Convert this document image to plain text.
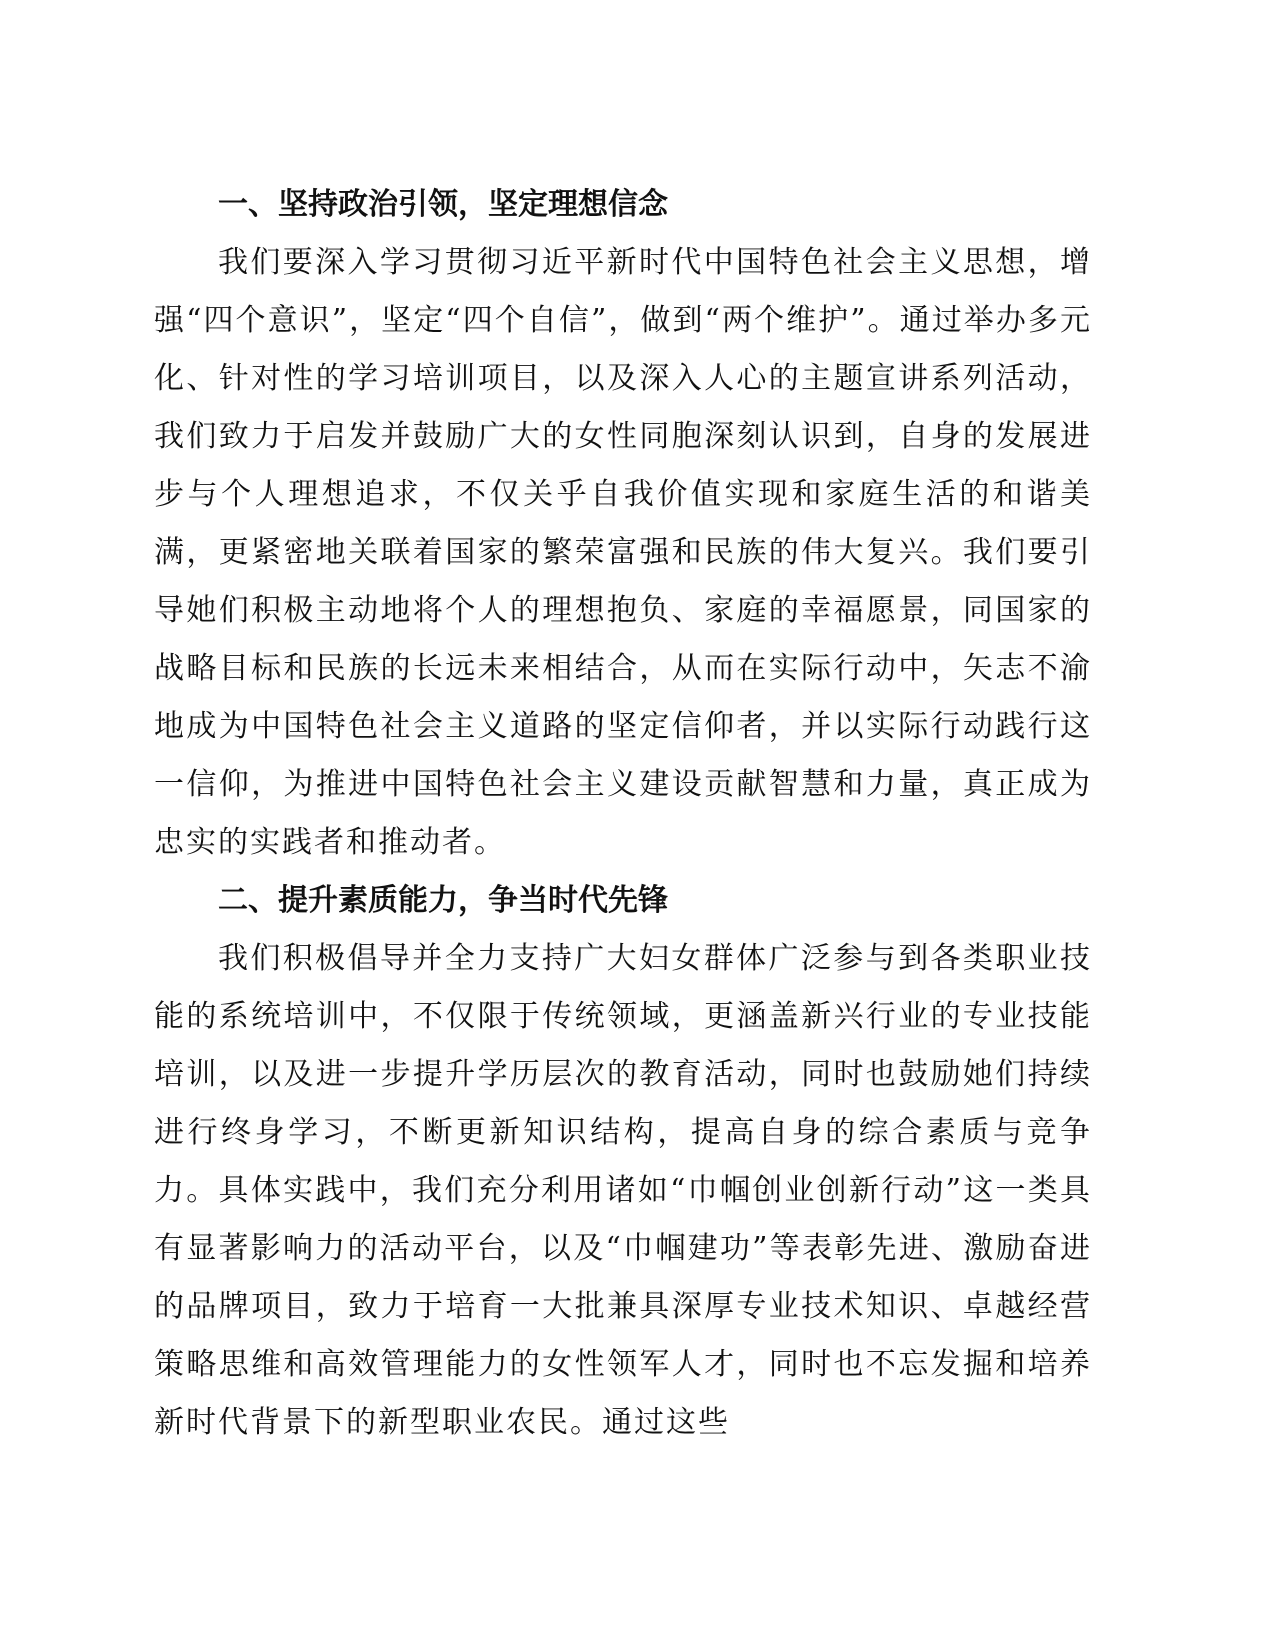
一、坚持政治引领，坚定理想信念

我们要深入学习贯彻习近平新时代中国特色社会主义思想，增强“四个意识”，坚定“四个自信”，做到“两个维护”。通过举办多元化、针对性的学习培训项目，以及深入人心的主题宣讲系列活动，我们致力于启发并鼓励广大的女性同胞深刻认识到，自身的发展进步与个人理想追求，不仅关乎自我价值实现和家庭生活的和谐美满，更紧密地关联着国家的繁荣富强和民族的伟大复兴。我们要引导她们积极主动地将个人的理想抱负、家庭的幸福愿景，同国家的战略目标和民族的长远未来相结合，从而在实际行动中，矢志不渝地成为中国特色社会主义道路的坚定信仰者，并以实际行动践行这一信仰，为推进中国特色社会主义建设贡献智慧和力量，真正成为忠实的实践者和推动者。

二、提升素质能力，争当时代先锋

我们积极倡导并全力支持广大妇女群体广泛参与到各类职业技能的系统培训中，不仅限于传统领域，更涵盖新兴行业的专业技能培训，以及进一步提升学历层次的教育活动，同时也鼓励她们持续进行终身学习，不断更新知识结构，提高自身的综合素质与竞争力。具体实践中，我们充分利用诸如“巾帼创业创新行动”这一类具有显著影响力的活动平台，以及“巾帼建功”等表彰先进、激励奋进的品牌项目，致力于培育一大批兼具深厚专业技术知识、卓越经营策略思维和高效管理能力的女性领军人才，同时也不忘发掘和培养新时代背景下的新型职业农民。通过这些
